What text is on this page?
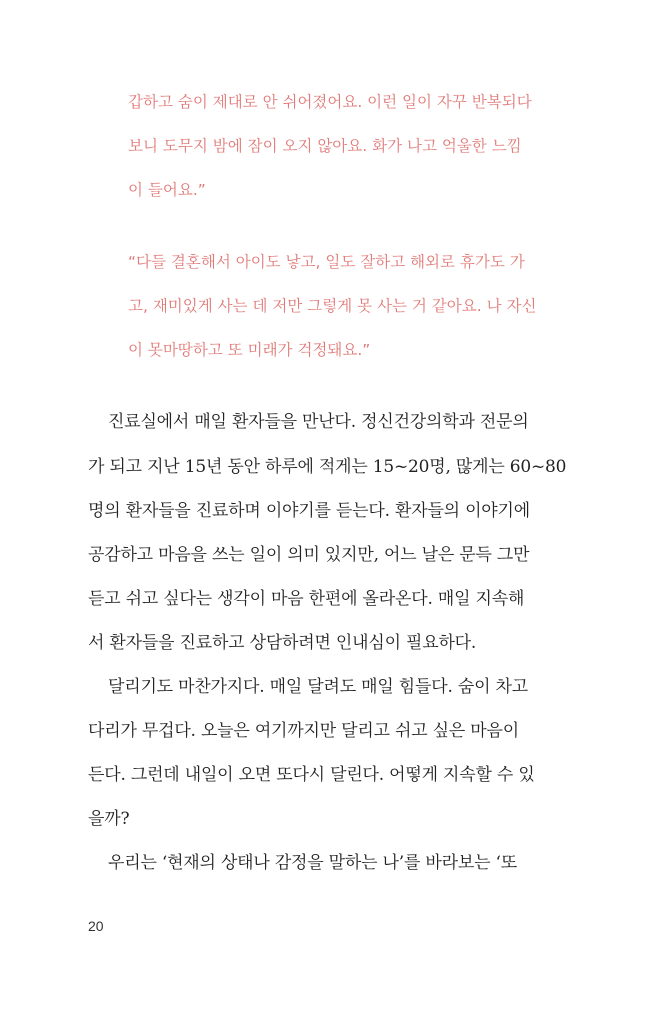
갑하고 숨이 제대로 안 쉬어졌어요. 이런 일이 자꾸 반복되다
보니 도무지 밤에 잠이 오지 않아요. 화가 나고 억울한 느낌
이 들어요.”
“다들 결혼해서 아이도 낳고, 일도 잘하고 해외로 휴가도 가
고, 재미있게 사는 데 저만 그렇게 못 사는 거 같아요. 나 자신
이 못마땅하고 또 미래가 걱정돼요.”
진료실에서 매일 환자들을 만난다. 정신건강의학과 전문의
가 되고 지난 15년 동안 하루에 적게는 15~20명, 많게는 60~80
명의 환자들을 진료하며 이야기를 듣는다. 환자들의 이야기에
공감하고 마음을 쓰는 일이 의미 있지만, 어느 날은 문득 그만
듣고 쉬고 싶다는 생각이 마음 한편에 올라온다. 매일 지속해
서 환자들을 진료하고 상담하려면 인내심이 필요하다.
달리기도 마찬가지다. 매일 달려도 매일 힘들다. 숨이 차고
다리가 무겁다. 오늘은 여기까지만 달리고 쉬고 싶은 마음이
든다. 그런데 내일이 오면 또다시 달린다. 어떻게 지속할 수 있
을까?
우리는 ‘현재의 상태나 감정을 말하는 나’를 바라보는 ‘또
20
